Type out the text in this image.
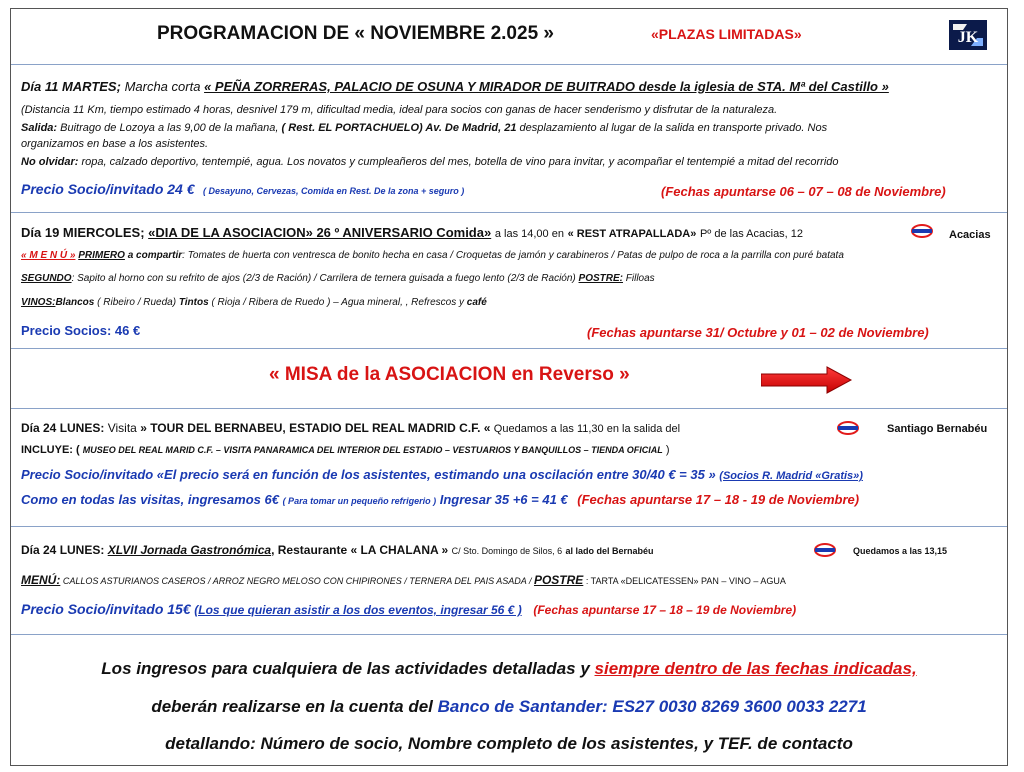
PROGRAMACION DE « NOVIEMBRE 2.025 »	«PLAZAS LIMITADAS»	JK
Día 11 MARTES; Marcha corta « PEÑA ZORRERAS, PALACIO DE OSUNA Y MIRADOR DE BUITRADO desde la iglesia de STA. Mª del Castillo »
(Distancia 11 Km, tiempo estimado 4 horas, desnivel 179 m, dificultad media, ideal para socios con ganas de hacer senderismo y disfrutar de la naturaleza.
Salida: Buitrago de Lozoya a las 9,00 de la mañana, ( Rest. EL PORTACHUELO) Av. De Madrid, 21 desplazamiento al lugar de la salida en transporte privado. Nos
organizamos en base a los asistentes.
No olvidar: ropa, calzado deportivo, tentempié, agua. Los novatos y cumpleañeros del mes, botella de vino para invitar, y acompañar el tentempié a mitad del recorrido
Precio Socio/invitado 24 € ( Desayuno, Cervezas, Comida en Rest. De la zona + seguro )	(Fechas apuntarse 06 – 07 – 08 de Noviembre)
Día 19 MIERCOLES; «DIA DE LA ASOCIACION» 26 º ANIVERSARIO Comida» a las 14,00 en « REST ATRAPALLADA» Pº de las Acacias, 12	Acacias
« M E N Ú » PRIMERO a compartir: Tomates de huerta con ventresca de bonito hecha en casa / Croquetas de jamón y carabineros / Patas de pulpo de roca a la parrilla con puré batata
SEGUNDO: Sapito al horno con su refrito de ajos (2/3 de Ración) / Carrilera de ternera guisada a fuego lento (2/3 de Ración) POSTRE: Filloas
VINOS:Blancos ( Ribeiro / Rueda) Tintos ( Rioja / Ribera de Ruedo ) – Agua mineral, , Refrescos y café
Precio Socios: 46 €	(Fechas apuntarse 31/ Octubre y 01 – 02 de Noviembre)
« MISA de la ASOCIACION en Reverso »
Día 24 LUNES: Visita » TOUR DEL BERNABEU, ESTADIO DEL REAL MADRID C.F. « Quedamos a las 11,30 en la salida del	Santiago Bernabéu
INCLUYE: ( MUSEO DEL REAL MARID C.F. – VISITA PANARAMICA DEL INTERIOR DEL ESTADIO – VESTUARIOS Y BANQUILLOS – TIENDA OFICIAL )
Precio Socio/invitado «El precio será en función de los asistentes, estimando una oscilación entre 30/40 € = 35 » (Socios R. Madrid «Gratis»)
Como en todas las visitas, ingresamos 6€ ( Para tomar un pequeño refrigerio ) Ingresar 35 +6 = 41 € (Fechas apuntarse 17 – 18 - 19 de Noviembre)
Día 24 LUNES: XLVII Jornada Gastronómica, Restaurante « LA CHALANA » C/ Sto. Domingo de Silos, 6 al lado del Bernabéu	Quedamos a las 13,15
MENÚ: CALLOS ASTURIANOS CASEROS / ARROZ NEGRO MELOSO CON CHIPIRONES / TERNERA DEL PAIS ASADA / POSTRE : TARTA «DELICATESSEN» PAN – VINO – AGUA
Precio Socio/invitado 15€ (Los que quieran asistir a los dos eventos, ingresar 56 € ) (Fechas apuntarse 17 – 18 – 19 de Noviembre)
Los ingresos para cualquiera de las actividades detalladas y siempre dentro de las fechas indicadas,
deberán realizarse en la cuenta del Banco de Santander: ES27 0030 8269 3600 0033 2271
detallando: Número de socio, Nombre completo de los asistentes, y TEF. de contacto
